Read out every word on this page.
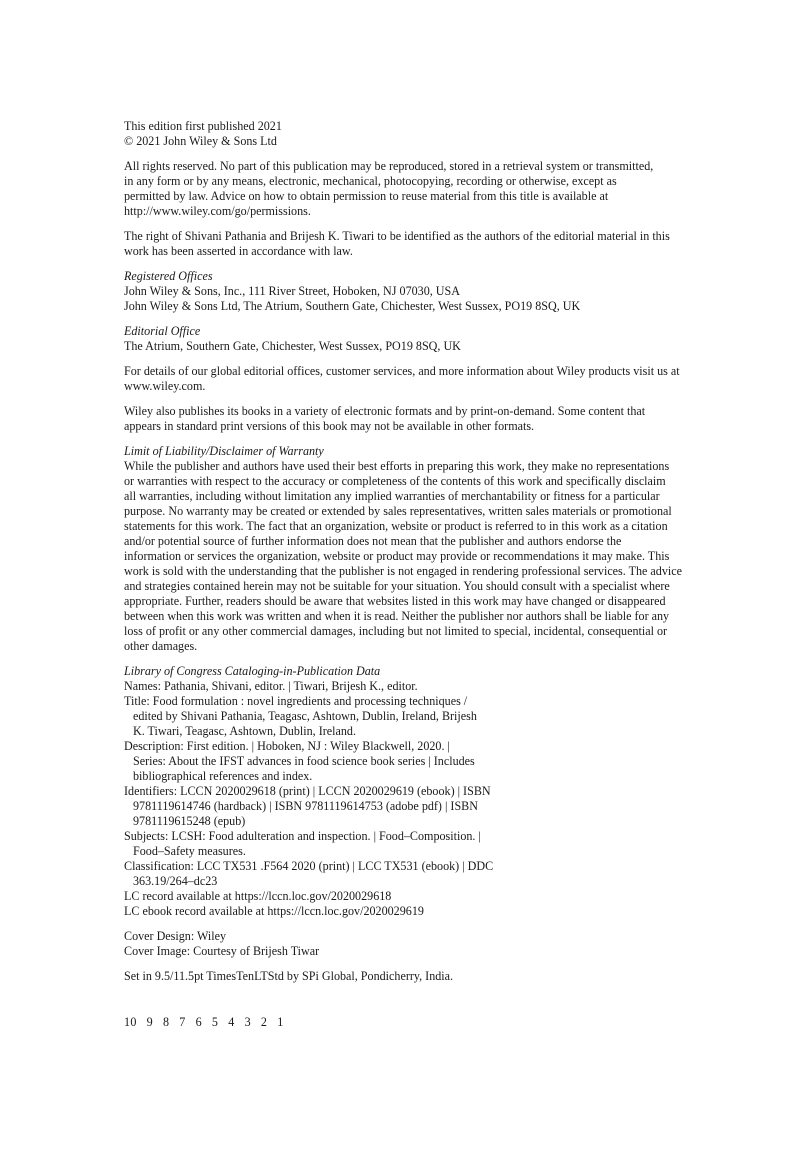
This edition first published 2021
© 2021 John Wiley & Sons Ltd
All rights reserved. No part of this publication may be reproduced, stored in a retrieval system or transmitted,
in any form or by any means, electronic, mechanical, photocopying, recording or otherwise, except as
permitted by law. Advice on how to obtain permission to reuse material from this title is available at
http://www.wiley.com/go/permissions.
The right of Shivani Pathania and Brijesh K. Tiwari to be identified as the authors of the editorial material in this
work has been asserted in accordance with law.
Registered Offices
John Wiley & Sons, Inc., 111 River Street, Hoboken, NJ 07030, USA
John Wiley & Sons Ltd, The Atrium, Southern Gate, Chichester, West Sussex, PO19 8SQ, UK
Editorial Office
The Atrium, Southern Gate, Chichester, West Sussex, PO19 8SQ, UK
For details of our global editorial offices, customer services, and more information about Wiley products visit us at
www.wiley.com.
Wiley also publishes its books in a variety of electronic formats and by print-on-demand. Some content that
appears in standard print versions of this book may not be available in other formats.
Limit of Liability/Disclaimer of Warranty
While the publisher and authors have used their best efforts in preparing this work, they make no representations
or warranties with respect to the accuracy or completeness of the contents of this work and specifically disclaim
all warranties, including without limitation any implied warranties of merchantability or fitness for a particular
purpose. No warranty may be created or extended by sales representatives, written sales materials or promotional
statements for this work. The fact that an organization, website or product is referred to in this work as a citation
and/or potential source of further information does not mean that the publisher and authors endorse the
information or services the organization, website or product may provide or recommendations it may make. This
work is sold with the understanding that the publisher is not engaged in rendering professional services. The advice
and strategies contained herein may not be suitable for your situation. You should consult with a specialist where
appropriate. Further, readers should be aware that websites listed in this work may have changed or disappeared
between when this work was written and when it is read. Neither the publisher nor authors shall be liable for any
loss of profit or any other commercial damages, including but not limited to special, incidental, consequential or
other damages.
Library of Congress Cataloging-in-Publication Data
Names: Pathania, Shivani, editor. | Tiwari, Brijesh K., editor.
Title: Food formulation : novel ingredients and processing techniques /
edited by Shivani Pathania, Teagasc, Ashtown, Dublin, Ireland, Brijesh
K. Tiwari, Teagasc, Ashtown, Dublin, Ireland.
Description: First edition. | Hoboken, NJ : Wiley Blackwell, 2020. |
Series: About the IFST advances in food science book series | Includes
bibliographical references and index.
Identifiers: LCCN 2020029618 (print) | LCCN 2020029619 (ebook) | ISBN
9781119614746 (hardback) | ISBN 9781119614753 (adobe pdf) | ISBN
9781119615248 (epub)
Subjects: LCSH: Food adulteration and inspection. | Food–Composition. |
Food–Safety measures.
Classification: LCC TX531 .F564 2020 (print) | LCC TX531 (ebook) | DDC
363.19/264–dc23
LC record available at https://lccn.loc.gov/2020029618
LC ebook record available at https://lccn.loc.gov/2020029619
Cover Design: Wiley
Cover Image: Courtesy of Brijesh Tiwar
Set in 9.5/11.5pt TimesTenLTStd by SPi Global, Pondicherry, India.
10   9   8   7   6   5   4   3   2   1
